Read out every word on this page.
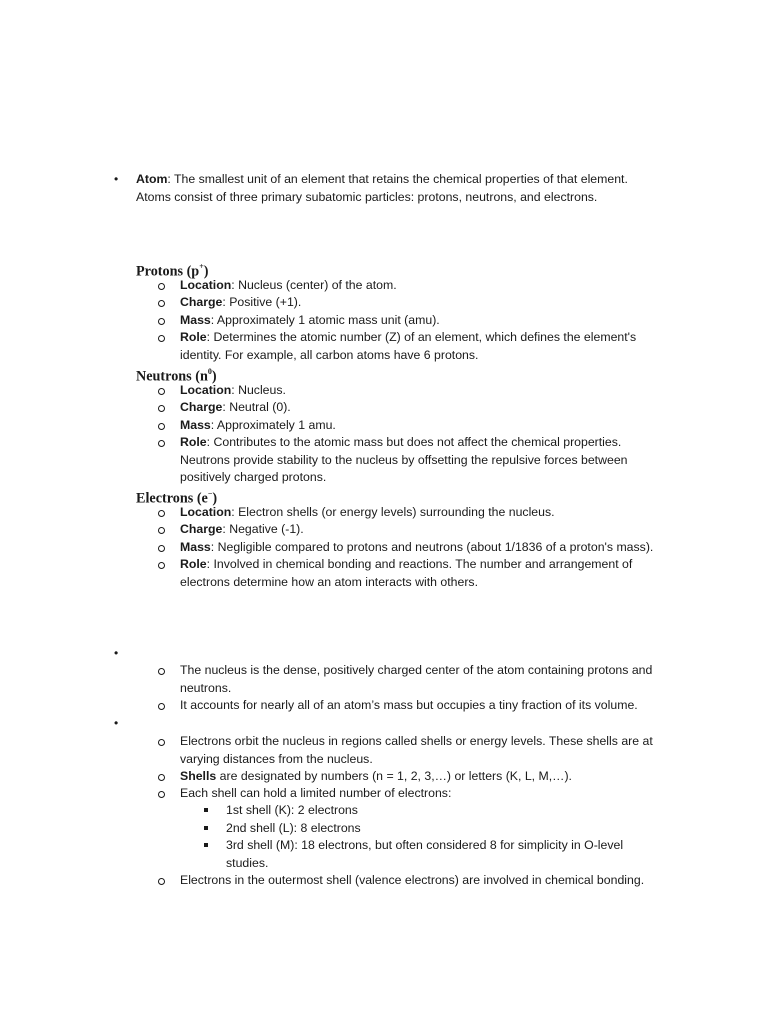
• Atom: The smallest unit of an element that retains the chemical properties of that element.
Atoms consist of three primary subatomic particles: protons, neutrons, and electrons.
Protons (p+)
Location: Nucleus (center) of the atom.
Charge: Positive (+1).
Mass: Approximately 1 atomic mass unit (amu).
Role: Determines the atomic number (Z) of an element, which defines the element's
identity. For example, all carbon atoms have 6 protons.
Neutrons $(n^0)$
Location: Nucleus.
Charge: Neutral (0).
Mass: Approximately 1 amu.
Role: Contributes to the atomic mass but does not affect the chemical properties.
Neutrons provide stability to the nucleus by offsetting the repulsive forces between
positively charged protons.
Electrons (e−)
Location: Electron shells (or energy levels) surrounding the nucleus.
Charge: Negative (-1).
Mass: Negligible compared to protons and neutrons (about 1/1836 of a proton's mass).
Role: Involved in chemical bonding and reactions. The number and arrangement of
electrons determine how an atom interacts with others.
•
The nucleus is the dense, positively charged center of the atom containing protons and
neutrons.
It accounts for nearly all of an atom’s mass but occupies a tiny fraction of its volume.
•
Electrons orbit the nucleus in regions called shells or energy levels. These shells are at
varying distances from the nucleus.
Shells are designated by numbers (n = 1, 2, 3,…) or letters (K, L, M,…).
Each shell can hold a limited number of electrons:
1st shell (K): 2 electrons
2nd shell (L): 8 electrons
3rd shell (M): 18 electrons, but often considered 8 for simplicity in O-level
studies.
Electrons in the outermost shell (valence electrons) are involved in chemical bonding.
